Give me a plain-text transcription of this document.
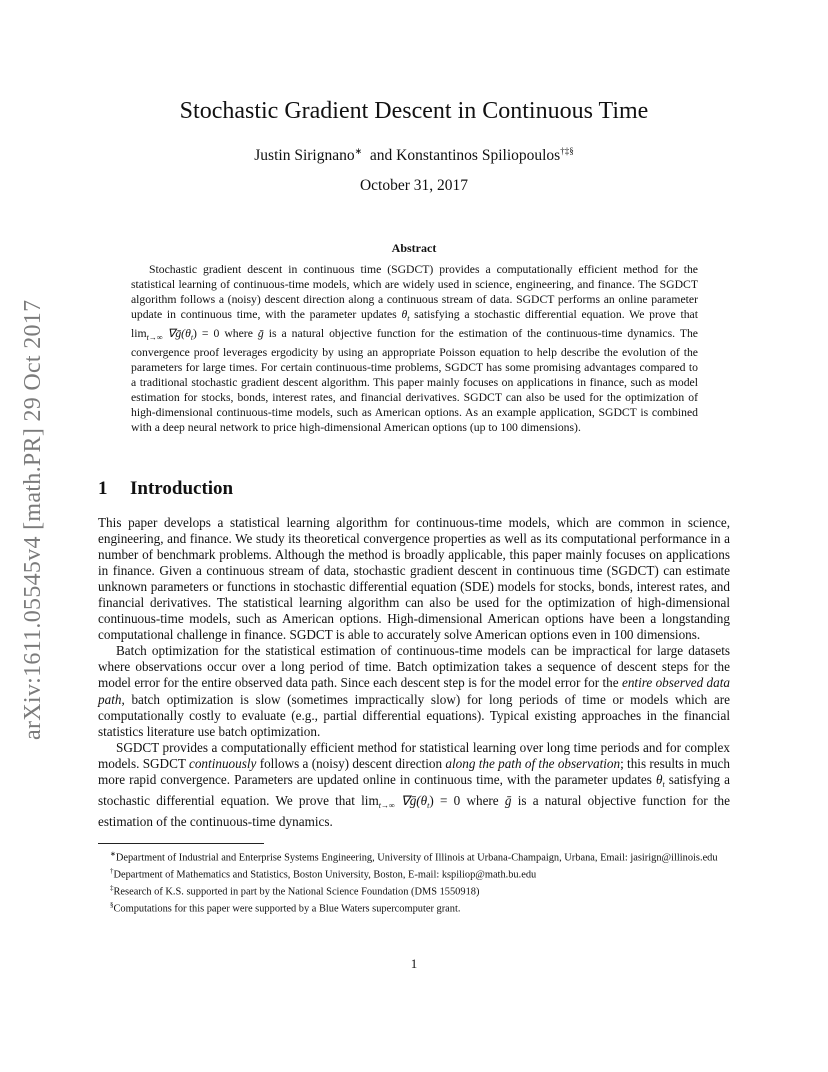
arXiv:1611.05545v4 [math.PR] 29 Oct 2017
Stochastic Gradient Descent in Continuous Time
Justin Sirignano∗ and Konstantinos Spiliopoulos†‡§
October 31, 2017
Abstract

Stochastic gradient descent in continuous time (SGDCT) provides a computationally efficient method for the statistical learning of continuous-time models, which are widely used in science, engineering, and finance. The SGDCT algorithm follows a (noisy) descent direction along a continuous stream of data. SGDCT performs an online parameter update in continuous time, with the parameter updates $\theta_t$ satisfying a stochastic differential equation. We prove that $\lim_{t\to\infty}$ $\nabla ḡ(\theta_t) = 0$ where ḡ is a natural objective function for the estimation of the continuous-time dynamics. The convergence proof leverages ergodicity by using an appropriate Poisson equation to help describe the evolution of the parameters for large times. For certain continuous-time problems, SGDCT has some promising advantages compared to a traditional stochastic gradient descent algorithm. This paper mainly focuses on applications in finance, such as model estimation for stocks, bonds, interest rates, and financial derivatives. SGDCT can also be used for the optimization of high-dimensional continuous-time models, such as American options. As an example application, SGDCT is combined with a deep neural network to price high-dimensional American options (up to 100 dimensions).

1 Introduction

This paper develops a statistical learning algorithm for continuous-time models, which are common in science, engineering, and finance. We study its theoretical convergence properties as well as its computational performance in a number of benchmark problems. Although the method is broadly applicable, this paper mainly focuses on applications in finance. Given a continuous stream of data, stochastic gradient descent in continuous time (SGDCT) can estimate unknown parameters or functions in stochastic differential equation (SDE) models for stocks, bonds, interest rates, and financial derivatives. The statistical learning algorithm can also be used for the optimization of high-dimensional continuous-time models, such as American options. High-dimensional American options have been a longstanding computational challenge in finance. SGDCT is able to accurately solve American options even in 100 dimensions.

Batch optimization for the statistical estimation of continuous-time models can be impractical for large datasets where observations occur over a long period of time. Batch optimization takes a sequence of descent steps for the model error for the entire observed data path. Since each descent step is for the model error for the entire observed data path, batch optimization is slow (sometimes impractically slow) for long periods of time or models which are computationally costly to evaluate (e.g., partial differential equations). Typical existing approaches in the financial statistics literature use batch optimization.

SGDCT provides a computationally efficient method for statistical learning over long time periods and for complex models. SGDCT continuously follows a (noisy) descent direction along the path of the observation; this results in much more rapid convergence. Parameters are updated online in continuous time, with the parameter updates $\theta_t$ satisfying a stochastic differential equation. We prove that $\lim_{t\to\infty}$ $\nabla ḡ(\theta_t) = 0$ where ḡ is a natural objective function for the estimation of the continuous-time dynamics.

∗Department of Industrial and Enterprise Systems Engineering, University of Illinois at Urbana-Champaign, Urbana, Email: jasirign@illinois.edu

†Department of Mathematics and Statistics, Boston University, Boston, E-mail: kspiliop@math.bu.edu

‡Research of K.S. supported in part by the National Science Foundation (DMS 1550918)

§Computations for this paper were supported by a Blue Waters supercomputer grant.

1
